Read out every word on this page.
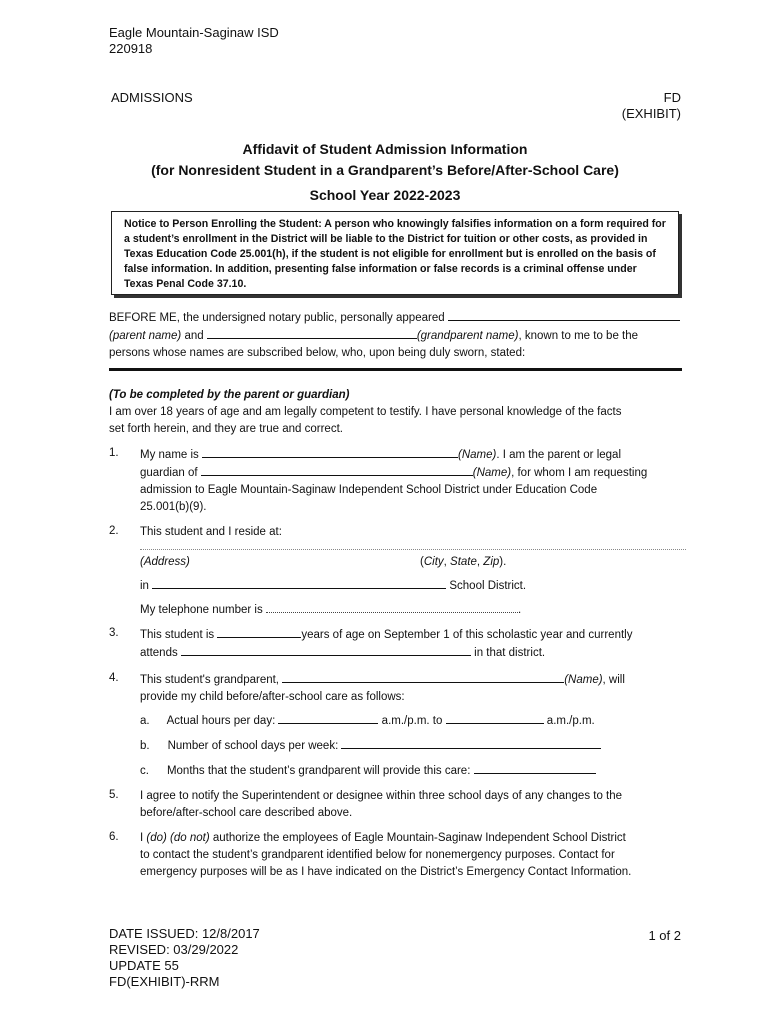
Eagle Mountain-Saginaw ISD
220918
ADMISSIONS	FD
(EXHIBIT)
Affidavit of Student Admission Information
(for Nonresident Student in a Grandparent’s Before/After-School Care)
School Year 2022-2023
Notice to Person Enrolling the Student: A person who knowingly falsifies information on a form required for a student’s enrollment in the District will be liable to the District for tuition or other costs, as provided in Texas Education Code 25.001(h), if the student is not eligible for enrollment but is enrolled on the basis of false information. In addition, presenting false information or false records is a criminal offense under Texas Penal Code 37.10.
BEFORE ME, the undersigned notary public, personally appeared
(parent name) and	(grandparent name), known to me to be the
persons whose names are subscribed below, who, upon being duly sworn, stated:
(To be completed by the parent or guardian)
I am over 18 years of age and am legally competent to testify. I have personal knowledge of the facts
set forth herein, and they are true and correct.
1. My name is	(Name). I am the parent or legal
guardian of	(Name), for whom I am requesting
admission to Eagle Mountain-Saginaw Independent School District under Education Code
25.001(b)(9).
2. This student and I reside at:
(Address)	(City, State, Zip).
in	School District.
My telephone number is	.
3. This student is	years of age on September 1 of this scholastic year and currently
attends	in that district.
4. This student's grandparent,	(Name), will
provide my child before/after-school care as follows:
a. Actual hours per day:	a.m./p.m. to	a.m./p.m.
b. Number of school days per week:
c. Months that the student’s grandparent will provide this care:
5. I agree to notify the Superintendent or designee within three school days of any changes to the
before/after-school care described above.
6. I (do) (do not) authorize the employees of Eagle Mountain-Saginaw Independent School District
to contact the student’s grandparent identified below for nonemergency purposes. Contact for
emergency purposes will be as I have indicated on the District’s Emergency Contact Information.
DATE ISSUED: 12/8/2017
REVISED: 03/29/2022
UPDATE 55
FD(EXHIBIT)-RRM
1 of 2
